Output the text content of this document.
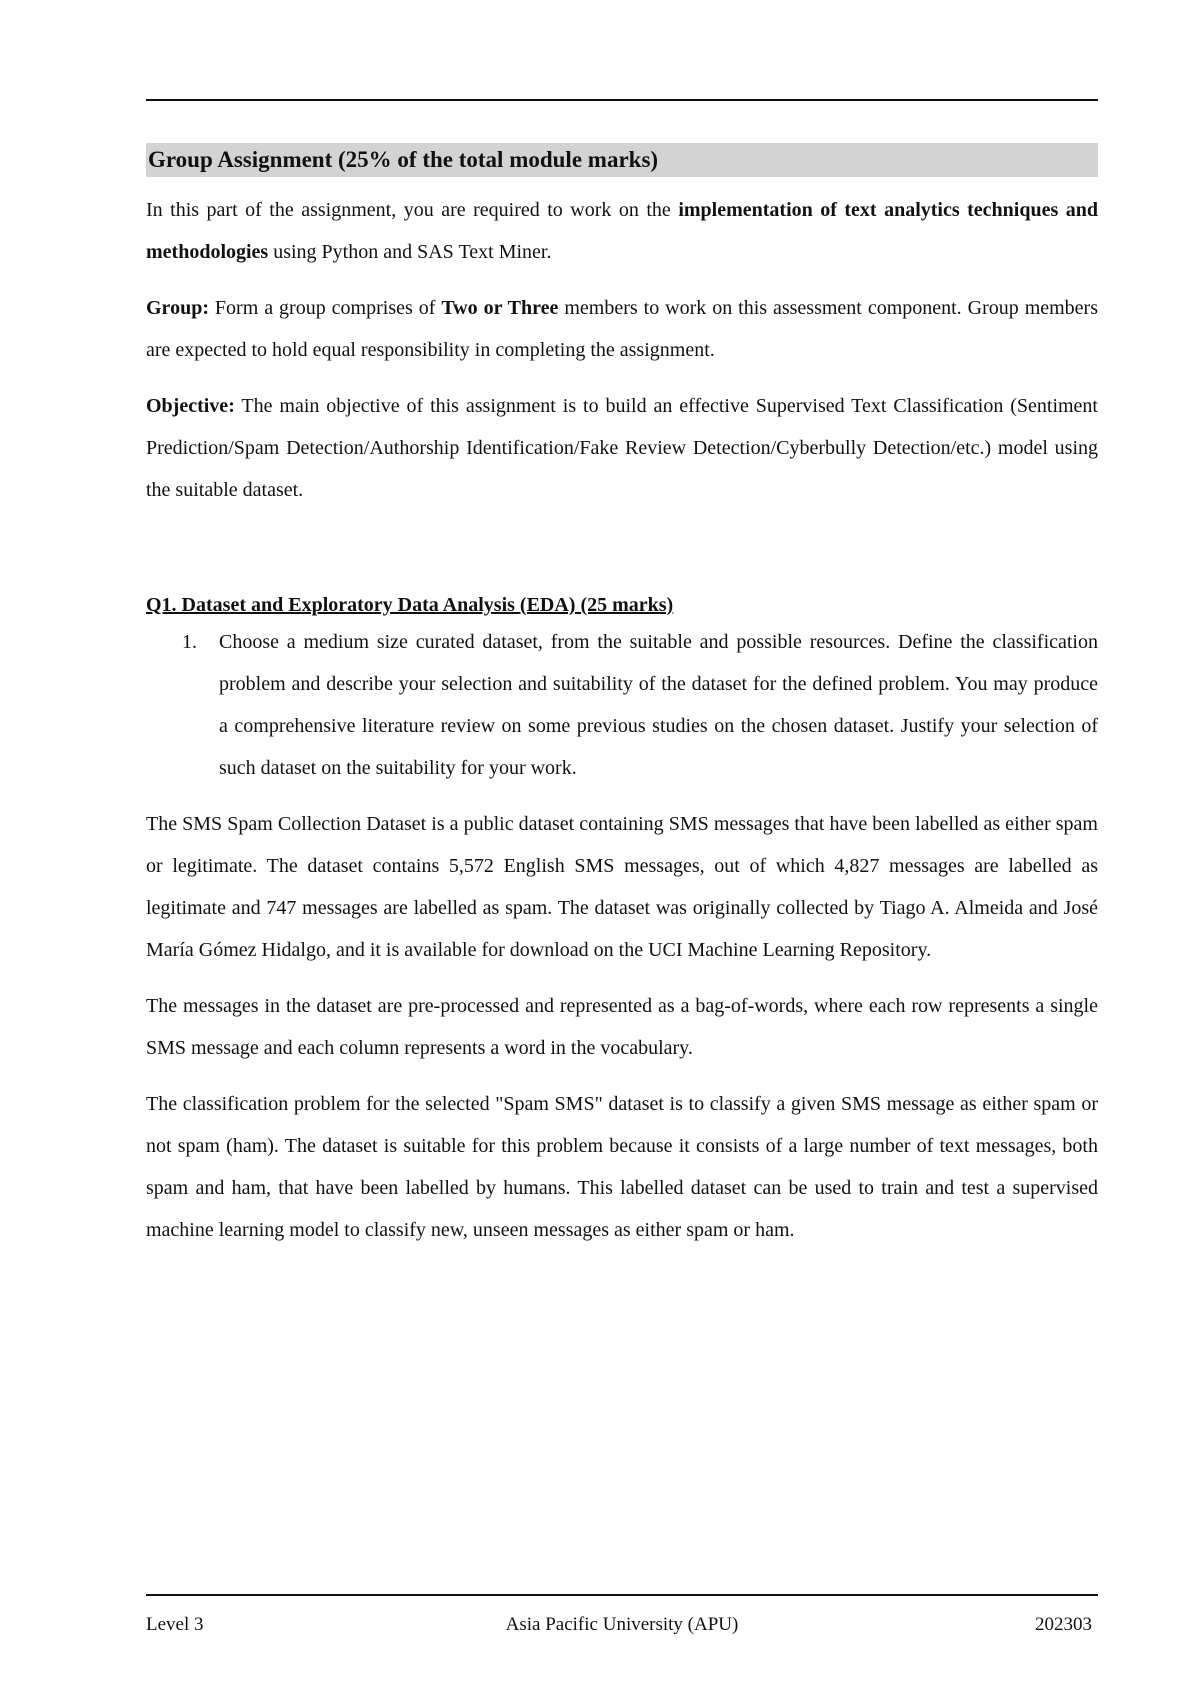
Group Assignment (25% of the total module marks)

In this part of the assignment, you are required to work on the implementation of text analytics techniques and methodologies using Python and SAS Text Miner.

Group: Form a group comprises of Two or Three members to work on this assessment component. Group members are expected to hold equal responsibility in completing the assignment.

Objective: The main objective of this assignment is to build an effective Supervised Text Classification (Sentiment Prediction/Spam Detection/Authorship Identification/Fake Review Detection/Cyberbully Detection/etc.) model using the suitable dataset.

Q1. Dataset and Exploratory Data Analysis (EDA) (25 marks)
1. Choose a medium size curated dataset, from the suitable and possible resources. Define the classification problem and describe your selection and suitability of the dataset for the defined problem. You may produce a comprehensive literature review on some previous studies on the chosen dataset. Justify your selection of such dataset on the suitability for your work.

The SMS Spam Collection Dataset is a public dataset containing SMS messages that have been labelled as either spam or legitimate. The dataset contains 5,572 English SMS messages, out of which 4,827 messages are labelled as legitimate and 747 messages are labelled as spam. The dataset was originally collected by Tiago A. Almeida and José María Gómez Hidalgo, and it is available for download on the UCI Machine Learning Repository.

The messages in the dataset are pre-processed and represented as a bag-of-words, where each row represents a single SMS message and each column represents a word in the vocabulary.

The classification problem for the selected "Spam SMS" dataset is to classify a given SMS message as either spam or not spam (ham). The dataset is suitable for this problem because it consists of a large number of text messages, both spam and ham, that have been labelled by humans. This labelled dataset can be used to train and test a supervised machine learning model to classify new, unseen messages as either spam or ham.

Level 3	Asia Pacific University (APU)	202303
